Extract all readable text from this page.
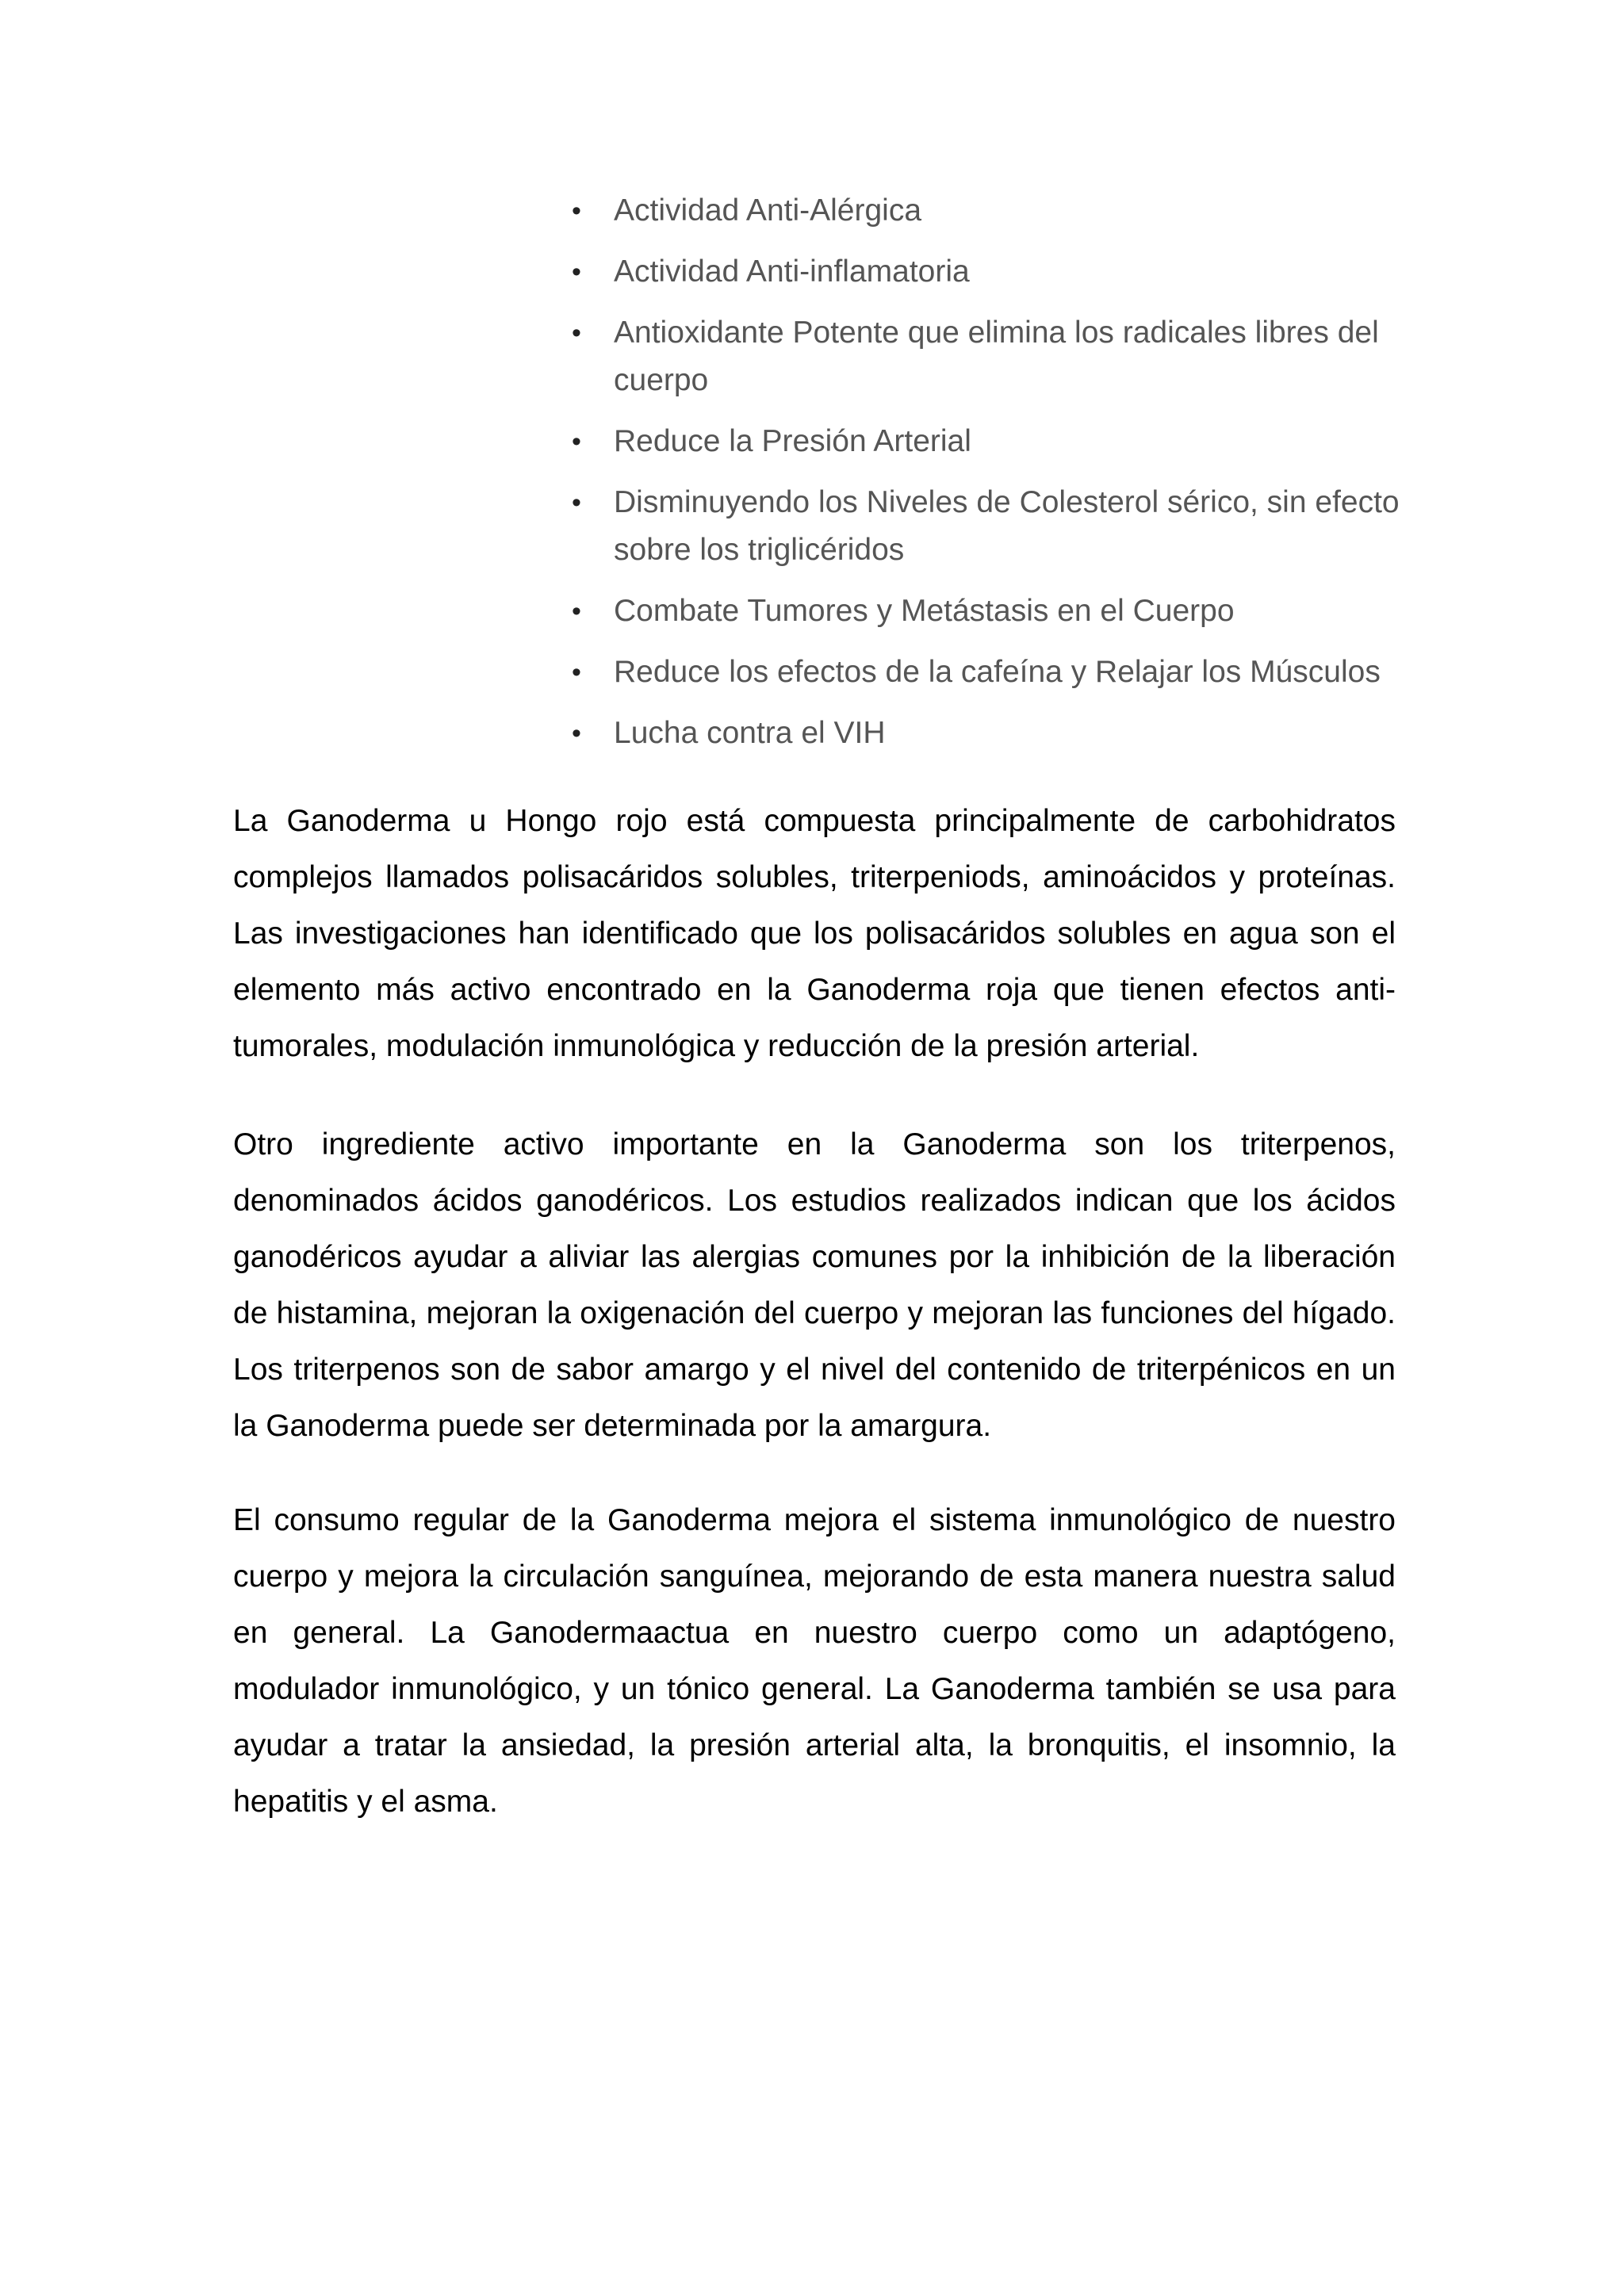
• Actividad Anti-Alérgica
• Actividad Anti-inflamatoria
• Antioxidante Potente que elimina los radicales libres del cuerpo
• Reduce la Presión Arterial
• Disminuyendo los Niveles de Colesterol sérico, sin efecto sobre los triglicéridos
• Combate Tumores y Metástasis en el Cuerpo
• Reduce los efectos de la cafeína y Relajar los Músculos
• Lucha contra el VIH

La Ganoderma u Hongo rojo está compuesta principalmente de carbohidratos complejos llamados polisacáridos solubles, triterpeniods, aminoácidos y proteínas. Las investigaciones han identificado que los polisacáridos solubles en agua son el elemento más activo encontrado en la Ganoderma roja que tienen efectos anti-tumorales, modulación inmunológica y reducción de la presión arterial.

Otro ingrediente activo importante en la Ganoderma son los triterpenos, denominados ácidos ganodéricos. Los estudios realizados indican que los ácidos ganodéricos ayudar a aliviar las alergias comunes por la inhibición de la liberación de histamina, mejoran la oxigenación del cuerpo y mejoran las funciones del hígado. Los triterpenos son de sabor amargo y el nivel del contenido de triterpénicos en un la Ganoderma puede ser determinada por la amargura.

El consumo regular de la Ganoderma mejora el sistema inmunológico de nuestro cuerpo y mejora la circulación sanguínea, mejorando de esta manera nuestra salud en general. La Ganodermaactua en nuestro cuerpo como un adaptógeno, modulador inmunológico, y un tónico general. La Ganoderma también se usa para ayudar a tratar la ansiedad, la presión arterial alta, la bronquitis, el insomnio, la hepatitis y el asma.
